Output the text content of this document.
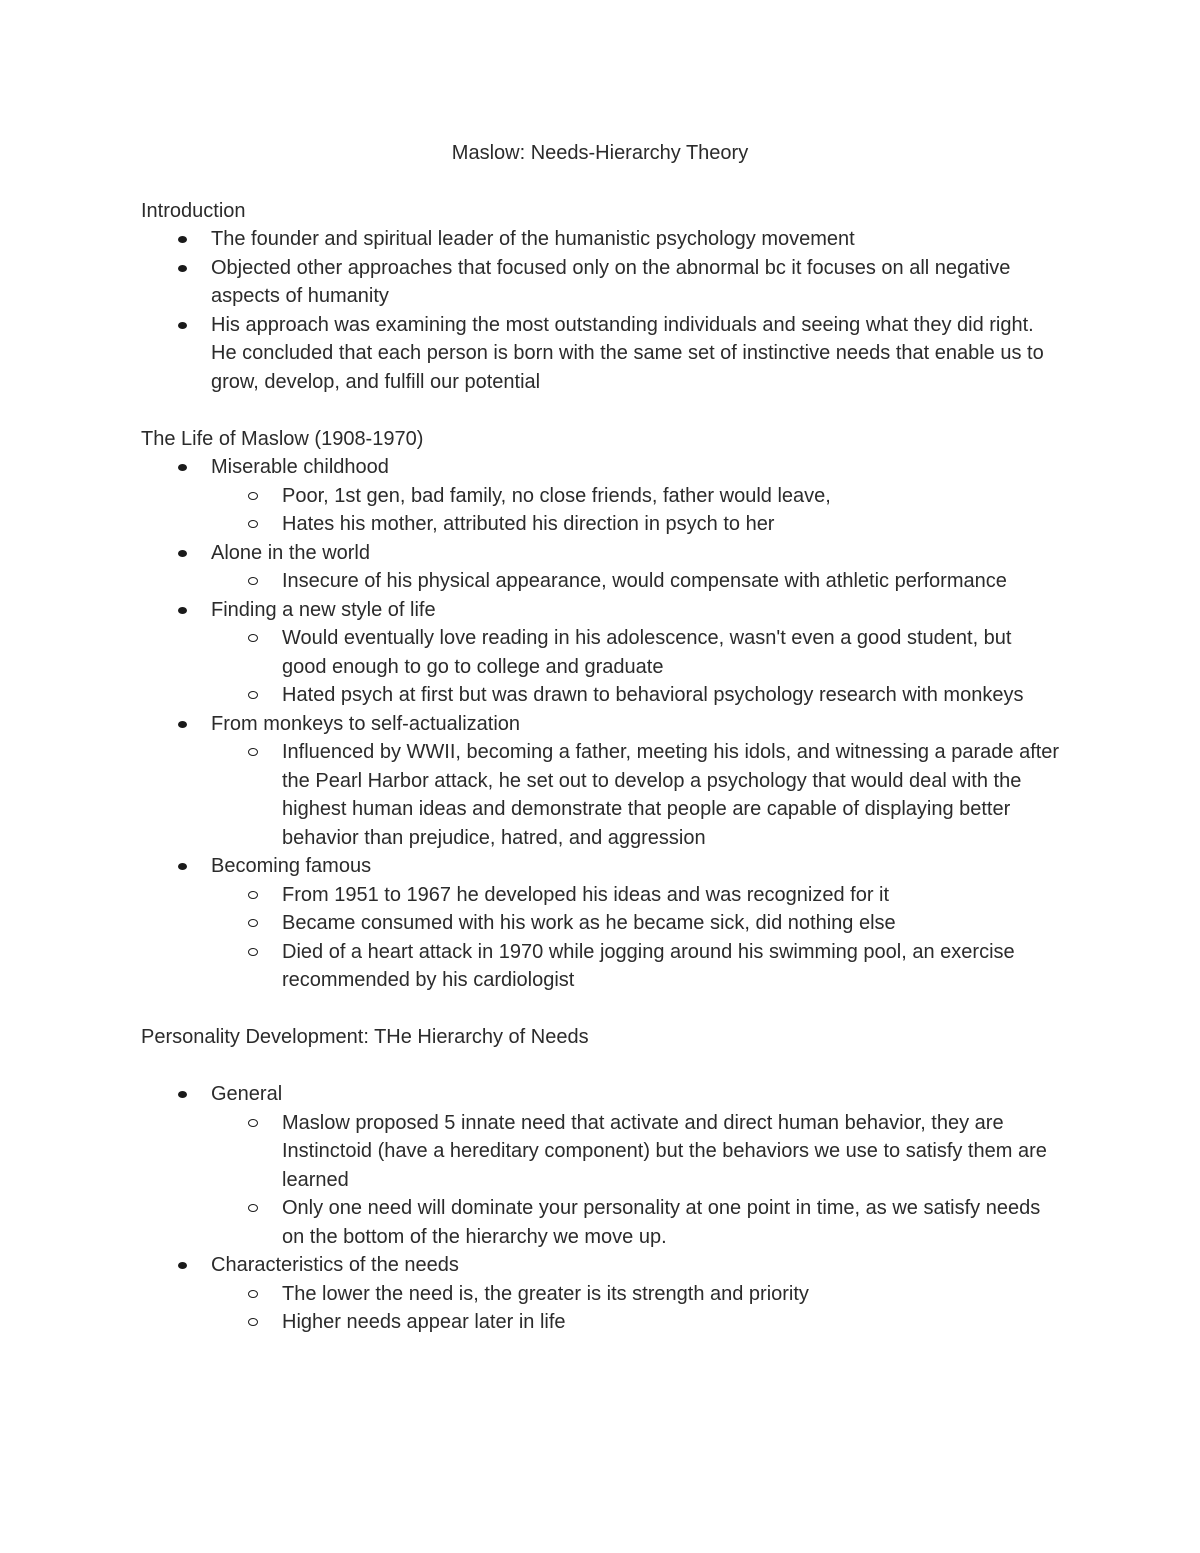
Maslow: Needs-Hierarchy Theory
Introduction
The founder and spiritual leader of the humanistic psychology movement
Objected other approaches that focused only on the abnormal bc it focuses on all negative aspects of humanity
His approach was examining the most outstanding individuals and seeing what they did right. He concluded that each person is born with the same set of instinctive needs that enable us to grow, develop, and fulfill our potential
The Life of Maslow (1908-1970)
Miserable childhood
Poor, 1st gen, bad family, no close friends, father would leave,
Hates his mother, attributed his direction in psych to her
Alone in the world
Insecure of his physical appearance, would compensate with athletic performance
Finding a new style of life
Would eventually love reading in his adolescence, wasn't even a good student, but good enough to go to college and graduate
Hated psych at first but was drawn to behavioral psychology research with monkeys
From monkeys to self-actualization
Influenced by WWII, becoming a father, meeting his idols, and witnessing a parade after the Pearl Harbor attack, he set out to develop a psychology that would deal with the highest human ideas and demonstrate that people are capable of displaying better behavior than prejudice, hatred, and aggression
Becoming famous
From 1951 to 1967 he developed his ideas and was recognized for it
Became consumed with his work as he became sick, did nothing else
Died of a heart attack in 1970 while jogging around his swimming pool, an exercise recommended by his cardiologist
Personality Development: THe Hierarchy of Needs
General
Maslow proposed 5 innate need that activate and direct human behavior, they are Instinctoid (have a hereditary component) but the behaviors we use to satisfy them are learned
Only one need will dominate your personality at one point in time, as we satisfy needs on the bottom of the hierarchy we move up.
Characteristics of the needs
The lower the need is, the greater is its strength and priority
Higher needs appear later in life
